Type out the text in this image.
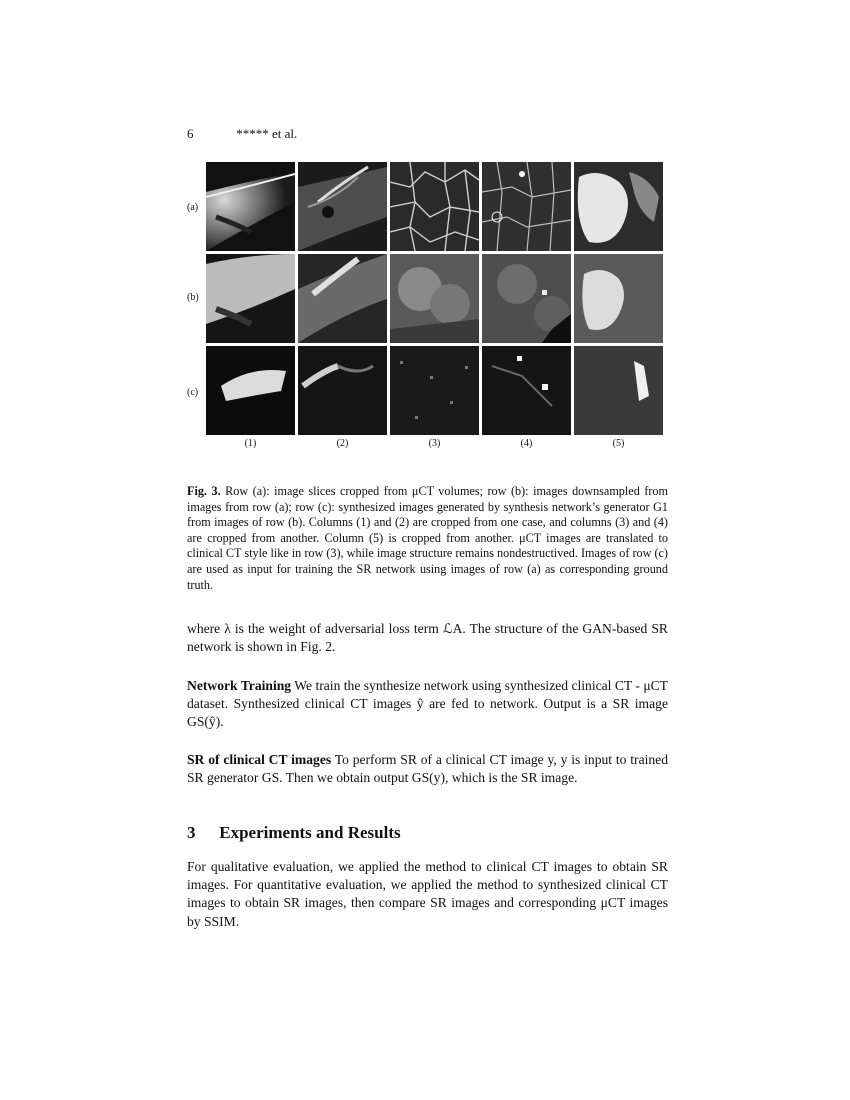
6	***** et al.
(a)
(b)
(c)
(1)	(2)	(3)	(4)	(5)
Fig. 3. Row (a): image slices cropped from μCT volumes; row (b): images downsampled from images from row (a); row (c): synthesized images generated by synthesis network’s generator G1 from images of row (b). Columns (1) and (2) are cropped from one case, and columns (3) and (4) are cropped from another. Column (5) is cropped from another. μCT images are translated to clinical CT style like in row (3), while image structure remains nondestructived. Images of row (c) are used as input for training the SR network using images of row (a) as corresponding ground truth.

where λ is the weight of adversarial loss term ℒA. The structure of the GAN-based SR network is shown in Fig. 2.

Network Training We train the synthesize network using synthesized clinical CT - μCT dataset. Synthesized clinical CT images ŷ are fed to network. Output is a SR image GS(ŷ).

SR of clinical CT images To perform SR of a clinical CT image y, y is input to trained SR generator GS. Then we obtain output GS(y), which is the SR image.

3 Experiments and Results

For qualitative evaluation, we applied the method to clinical CT images to obtain SR images. For quantitative evaluation, we applied the method to synthesized clinical CT images to obtain SR images, then compare SR images and corresponding μCT images by SSIM.
